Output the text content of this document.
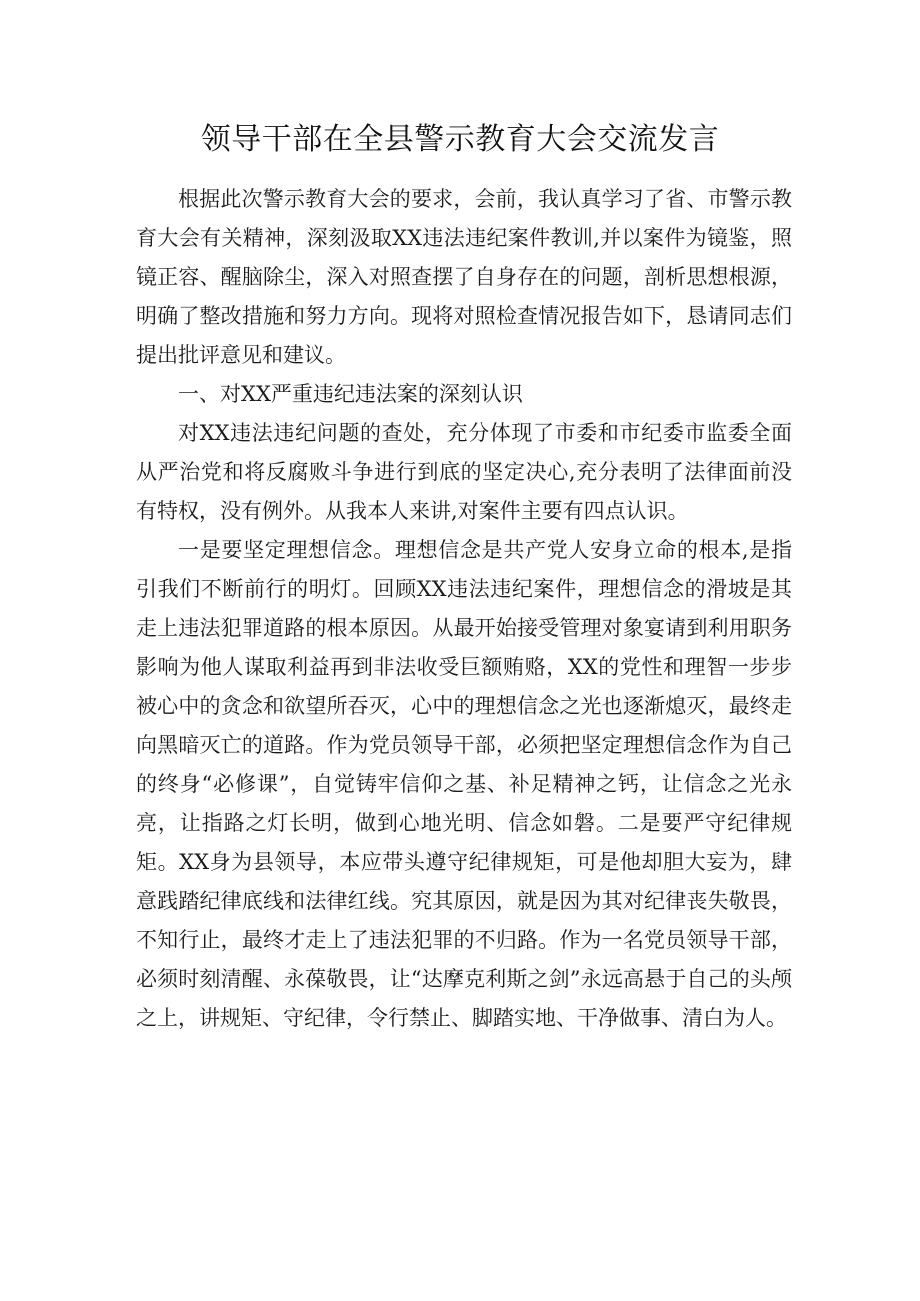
领导干部在全县警示教育大会交流发言

根据此次警示教育大会的要求，会前，我认真学习了省、市警示教育大会有关精神，深刻汲取XX违法违纪案件教训,并以案件为镜鉴，照镜正容、醒脑除尘，深入对照查摆了自身存在的问题，剖析思想根源，明确了整改措施和努力方向。现将对照检查情况报告如下，恳请同志们提出批评意见和建议。

一、对XX严重违纪违法案的深刻认识

对XX违法违纪问题的查处，充分体现了市委和市纪委市监委全面从严治党和将反腐败斗争进行到底的坚定决心,充分表明了法律面前没有特权，没有例外。从我本人来讲,对案件主要有四点认识。

一是要坚定理想信念。理想信念是共产党人安身立命的根本,是指引我们不断前行的明灯。回顾XX违法违纪案件，理想信念的滑坡是其走上违法犯罪道路的根本原因。从最开始接受管理对象宴请到利用职务影响为他人谋取利益再到非法收受巨额贿赂，XX的党性和理智一步步被心中的贪念和欲望所吞灭，心中的理想信念之光也逐渐熄灭，最终走向黑暗灭亡的道路。作为党员领导干部，必须把坚定理想信念作为自己的终身“必修课”，自觉铸牢信仰之基、补足精神之钙，让信念之光永亮，让指路之灯长明，做到心地光明、信念如磐。二是要严守纪律规矩。XX身为县领导，本应带头遵守纪律规矩，可是他却胆大妄为，肆意践踏纪律底线和法律红线。究其原因，就是因为其对纪律丧失敬畏，不知行止，最终才走上了违法犯罪的不归路。作为一名党员领导干部，必须时刻清醒、永葆敬畏，让“达摩克利斯之剑”永远高悬于自己的头颅之上，讲规矩、守纪律，令行禁止、脚踏实地、干净做事、清白为人。
